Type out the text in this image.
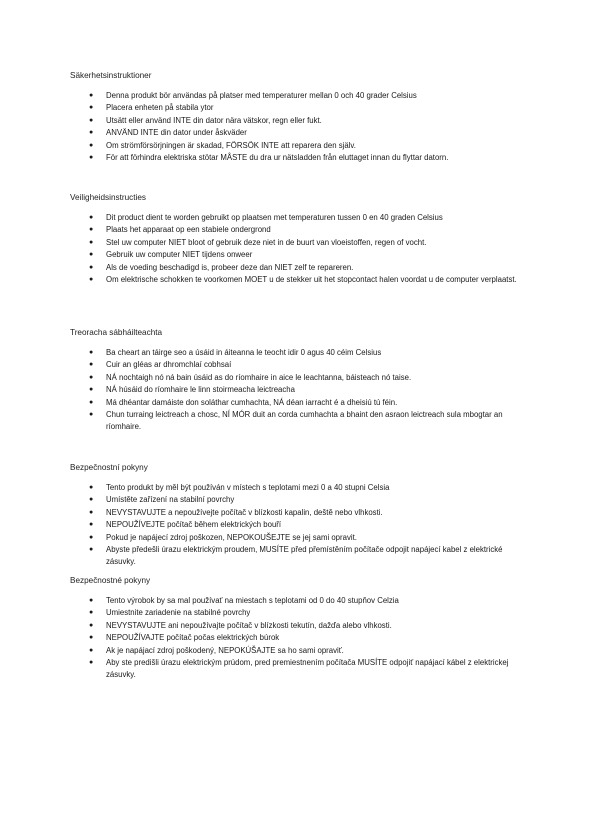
Säkerhetsinstruktioner

● Denna produkt bör användas på platser med temperaturer mellan 0 och 40 grader Celsius
● Placera enheten på stabila ytor
● Utsätt eller använd INTE din dator nära vätskor, regn eller fukt.
● ANVÄND INTE din dator under åskväder
● Om strömförsörjningen är skadad, FÖRSÖK INTE att reparera den själv.
● För att förhindra elektriska stötar MÅSTE du dra ur nätsladden från eluttaget innan du flyttar datorn.

Veiligheidsinstructies

● Dit product dient te worden gebruikt op plaatsen met temperaturen tussen 0 en 40 graden Celsius
● Plaats het apparaat op een stabiele ondergrond
● Stel uw computer NIET bloot of gebruik deze niet in de buurt van vloeistoffen, regen of vocht.
● Gebruik uw computer NIET tijdens onweer
● Als de voeding beschadigd is, probeer deze dan NIET zelf te repareren.
● Om elektrische schokken te voorkomen MOET u de stekker uit het stopcontact halen voordat u de computer verplaatst.

Treoracha sábháilteachta

● Ba cheart an táirge seo a úsáid in áiteanna le teocht idir 0 agus 40 céim Celsius
● Cuir an gléas ar dhromchlaí cobhsaí
● NÁ nochtaigh nó ná bain úsáid as do ríomhaire in aice le leachtanna, báisteach nó taise.
● NÁ húsáid do ríomhaire le linn stoirmeacha leictreacha
● Má dhéantar damáiste don soláthar cumhachta, NÁ déan iarracht é a dheisiú tú féin.
● Chun turraing leictreach a chosc, NÍ MÓR duit an corda cumhachta a bhaint den asraon leictreach sula mbogtar an ríomhaire.

Bezpečnostní pokyny

● Tento produkt by měl být používán v místech s teplotami mezi 0 a 40 stupni Celsia
● Umístěte zařízení na stabilní povrchy
● NEVYSTAVUJTE a nepoužívejte počítač v blízkosti kapalin, deště nebo vlhkosti.
● NEPOUŽÍVEJTE počítač během elektrických bouří
● Pokud je napájecí zdroj poškozen, NEPOKOUŠEJTE se jej sami opravit.
● Abyste předešli úrazu elektrickým proudem, MUSÍTE před přemístěním počítače odpojit napájecí kabel z elektrické zásuvky.

Bezpečnostné pokyny

● Tento výrobok by sa mal používať na miestach s teplotami od 0 do 40 stupňov Celzia
● Umiestnite zariadenie na stabilné povrchy
● NEVYSTAVUJTE ani nepoužívajte počítač v blízkosti tekutín, dažďa alebo vlhkosti.
● NEPOUŽÍVAJTE počítač počas elektrických búrok
● Ak je napájací zdroj poškodený, NEPOKÚŠAJTE sa ho sami opraviť.
● Aby ste predišli úrazu elektrickým prúdom, pred premiestnením počítača MUSÍTE odpojiť napájací kábel z elektrickej zásuvky.
